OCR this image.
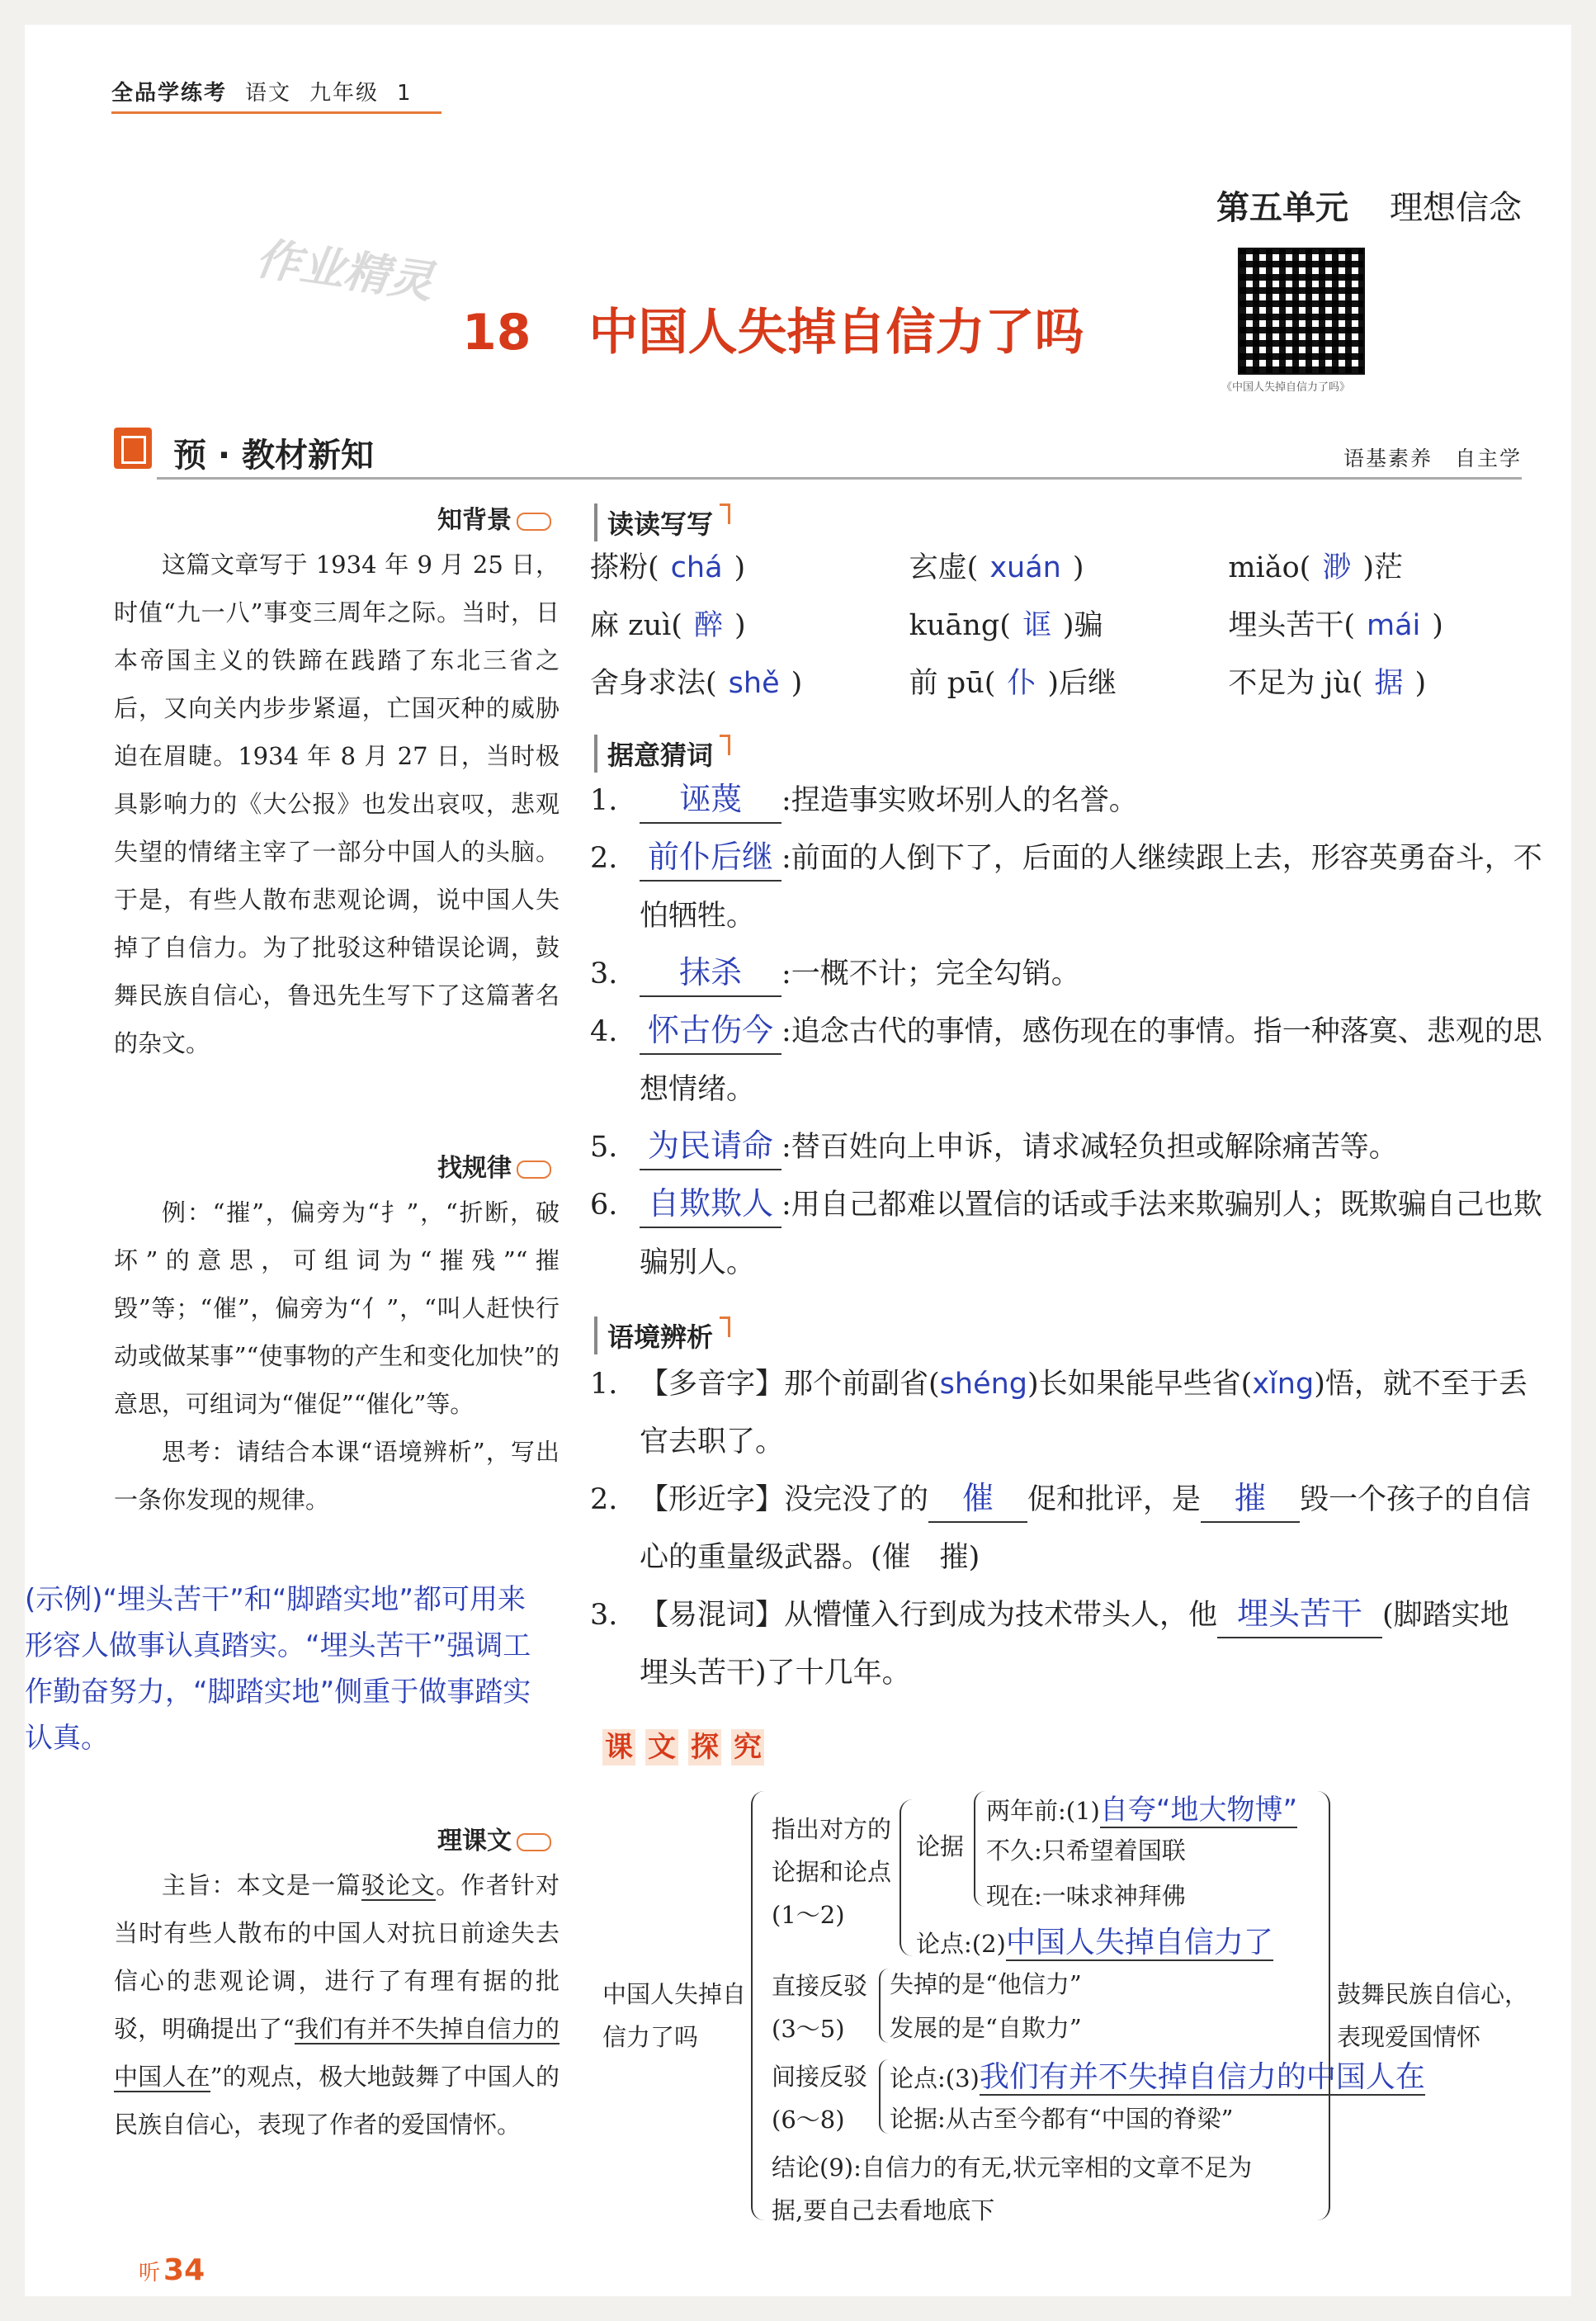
全品学练考 语文 九年级 1
第五单元 理想信念
作业精灵
18 中国人失掉自信力了吗
《中国人失掉自信力了吗》
预 · 教材新知	语基素养　自主学
知背景

这篇文章写于 1934 年 9 月 25 日，时值“九一八”事变三周年之际。当时，日本帝国主义的铁蹄在践踏了东北三省之后，又向关内步步紧逼，亡国灭种的威胁迫在眉睫。1934 年 8 月 27 日，当时极具影响力的《大公报》也发出哀叹，悲观失望的情绪主宰了一部分中国人的头脑。于是，有些人散布悲观论调，说中国人失掉了自信力。为了批驳这种错误论调，鼓舞民族自信心，鲁迅先生写下了这篇著名的杂文。

找规律

例：“摧”，偏旁为“扌”，“折断，破坏”的意思，可组词为“摧残”“摧毁”等；“催”，偏旁为“亻”，“叫人赶快行动或做某事”“使事物的产生和变化加快”的意思，可组词为“催促”“催化”等。

思考：请结合本课“语境辨析”，写出一条你发现的规律。

(示例)“埋头苦干”和“脚踏实地”都可用来形容人做事认真踏实。“埋头苦干”强调工作勤奋努力，“脚踏实地”侧重于做事踏实认真。
理课文

主旨：本文是一篇驳论文。作者针对当时有些人散布的中国人对抗日前途失去信心的悲观论调，进行了有理有据的批驳，明确提出了“我们有并不失掉自信力的中国人在”的观点，极大地鼓舞了中国人的民族自信心，表现了作者的爱国情怀。

读读写写
搽粉( chá )	玄虚( xuán )	miǎo( 渺 )茫
麻 zuì( 醉 )	kuāng( 诓 )骗	埋头苦干( mái )
舍身求法( shě )	前 pū( 仆 )后继	不足为 jù( 据 )
据意猜词
1. 诬蔑 :捏造事实败坏别人的名誉。
2. 前仆后继 :前面的人倒下了，后面的人继续跟上去，形容英勇奋斗，不怕牺牲。
3. 抹杀 :一概不计；完全勾销。
4. 怀古伤今 :追念古代的事情，感伤现在的事情。指一种落寞、悲观的思想情绪。
5. 为民请命 :替百姓向上申诉，请求减轻负担或解除痛苦等。
6. 自欺欺人 :用自己都难以置信的话或手法来欺骗别人；既欺骗自己也欺骗别人。
语境辨析
1. 【多音字】那个前副省(shéng)长如果能早些省(xǐng)悟，就不至于丢官去职了。
2. 【形近字】没完没了的 催 促和批评，是 摧 毁一个孩子的自信心的重量级武器。(催　摧)
3. 【易混词】从懵懂入行到成为技术带头人，他 埋头苦干 (脚踏实地　埋头苦干)了十几年。
课 文 探 究
中国人失掉自信力了吗
指出对方的论据和论点(1～2)
论据
两年前:(1)自夸“地大物博”
不久:只希望着国联
现在:一味求神拜佛
论点:(2)中国人失掉自信力了
直接反驳(3～5)
失掉的是“他信力”
发展的是“自欺力”
间接反驳(6～8)
论点:(3)我们有并不失掉自信力的中国人在
论据:从古至今都有“中国的脊梁”
结论(9):自信力的有无,状元宰相的文章不足为据,要自己去看地底下
鼓舞民族自信心，表现爱国情怀
听 34
